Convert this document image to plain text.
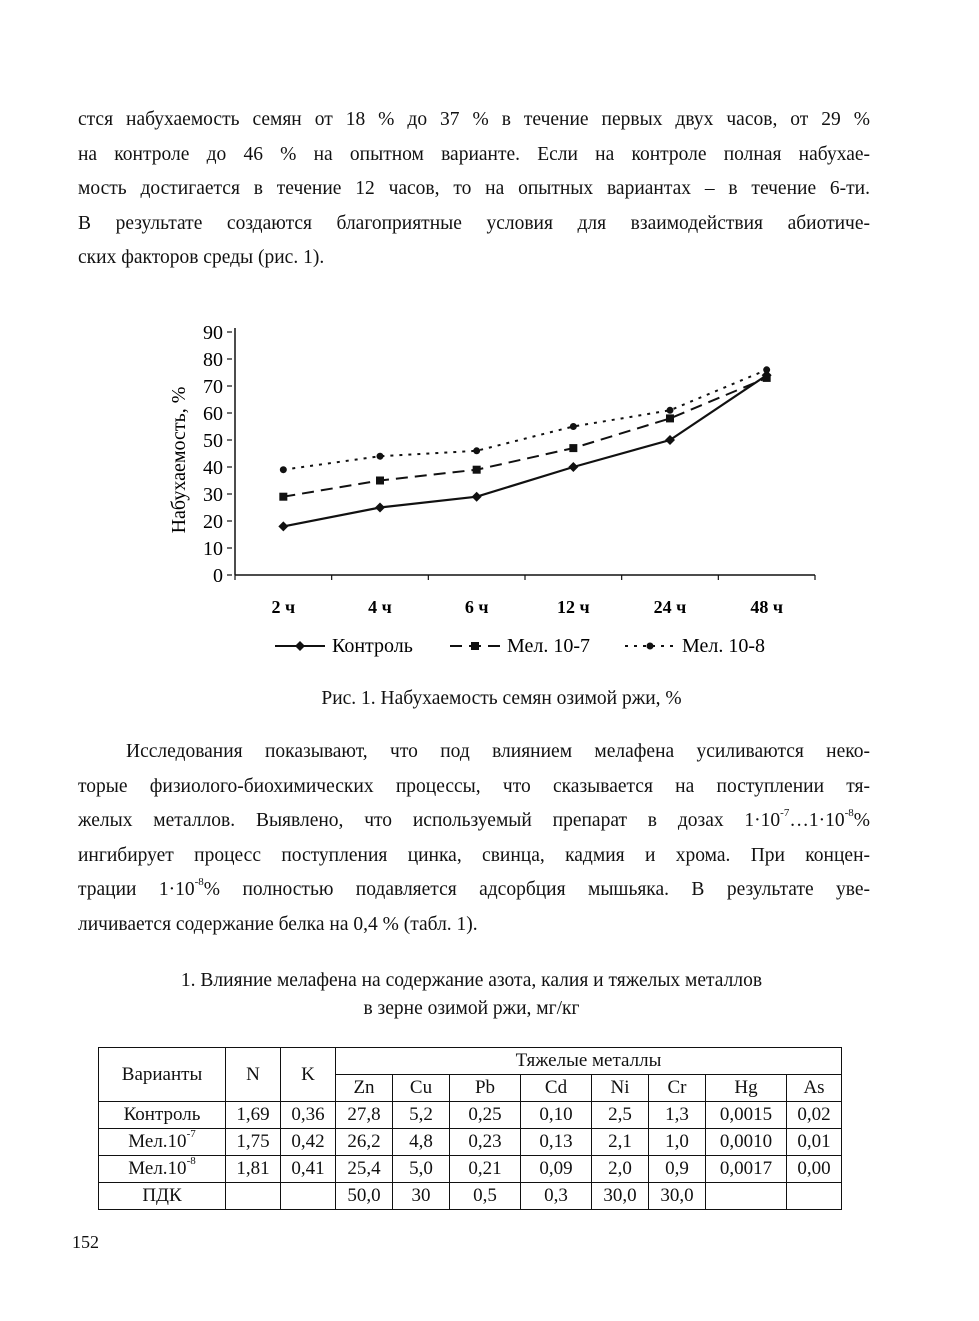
стся набухаемость семян от 18 % до 37 % в течение первых двух часов, от 29 %
на контроле до 46 % на опытном варианте. Если на контроле полная набухае-
мость достигается в течение 12 часов, то на опытных вариантах – в течение 6-ти.
В результате создаются благоприятные условия для взаимодействия абиотиче-
ских факторов среды (рис. 1).
0
10
20
30
40
50
60
70
80
90
2 ч	4 ч	6 ч	12 ч	24 ч	48 ч
Контроль	Мел. 10-7	Мел. 10-8
Набухаемость, %

Рис. 1. Набухаемость семян озимой ржи, %

Исследования показывают, что под влиянием мелафена усиливаются неко-
торые физиолого-биохимических процессы, что сказывается на поступлении тя-
желых металлов. Выявлено, что используемый препарат в дозах $1\cdot 10^{-7}\dots 1\cdot 10^{-8}\%$
ингибирует процесс поступления цинка, свинца, кадмия и хрома. При концен-
трации $1\cdot 10^{-8}\%$ полностью подавляется адсорбция мышьяка. В результате уве-
личивается содержание белка на 0,4 % (табл. 1).

1. Влияние мелафена на содержание азота, калия и тяжелых металлов

в зерне озимой ржи, мг/кг

Варианты	N	K	Тяжелые металлы							
			Zn	Cu	Pb	Cd	Ni	Cr	Hg	As
Контроль	1,69	0,36	27,8	5,2	0,25	0,10	2,5	1,3	0,0015	0,02
$Мел.10^{-7}$	1,75	0,42	26,2	4,8	0,23	0,13	2,1	1,0	0,0010	0,01
$Мел.10^{-8}$	1,81	0,41	25,4	5,0	0,21	0,09	2,0	0,9	0,0017	0,00
ПДК			50,0	30	0,5	0,3	30,0	30,0		
152
